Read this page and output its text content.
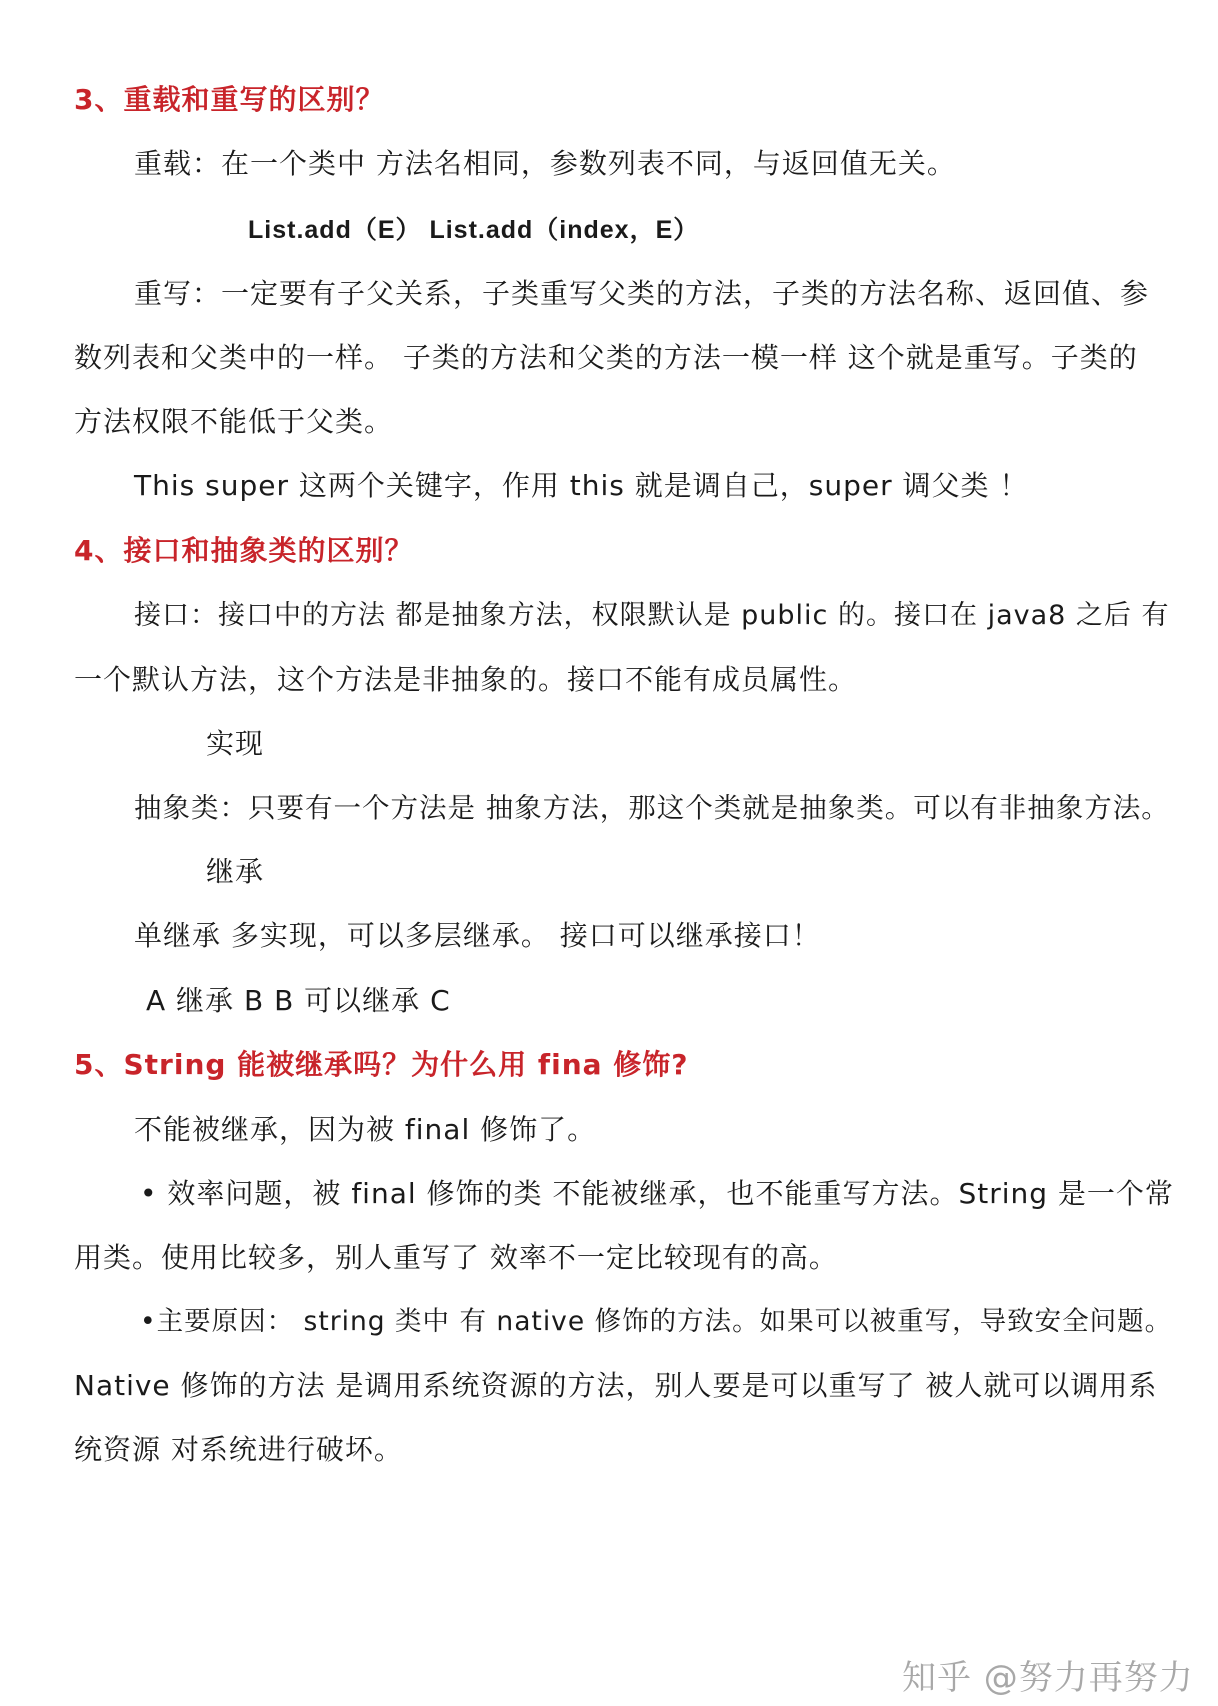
3、重载和重写的区别？
重载：在一个类中 方法名相同，参数列表不同，与返回值无关。
List.add（E） List.add（index，E）
重写：一定要有子父关系，子类重写父类的方法，子类的方法名称、返回值、参
数列表和父类中的一样。 子类的方法和父类的方法一模一样 这个就是重写。子类的
方法权限不能低于父类。
This super 这两个关键字，作用 this 就是调自己，super 调父类 ！
4、接口和抽象类的区别？
接口：接口中的方法 都是抽象方法，权限默认是 public 的。接口在 java8 之后 有
一个默认方法，这个方法是非抽象的。接口不能有成员属性。
实现
抽象类：只要有一个方法是 抽象方法，那这个类就是抽象类。可以有非抽象方法。
继承
单继承 多实现，可以多层继承。 接口可以继承接口！
A 继承 B B 可以继承 C
5、String 能被继承吗？为什么用 fina 修饰?
不能被继承，因为被 final 修饰了。
• 效率问题，被 final 修饰的类 不能被继承，也不能重写方法。String 是一个常
用类。使用比较多，别人重写了 效率不一定比较现有的高。
•主要原因： string 类中 有 native 修饰的方法。如果可以被重写，导致安全问题。
Native 修饰的方法 是调用系统资源的方法，别人要是可以重写了 被人就可以调用系
统资源 对系统进行破坏。
知乎 @努力再努力
